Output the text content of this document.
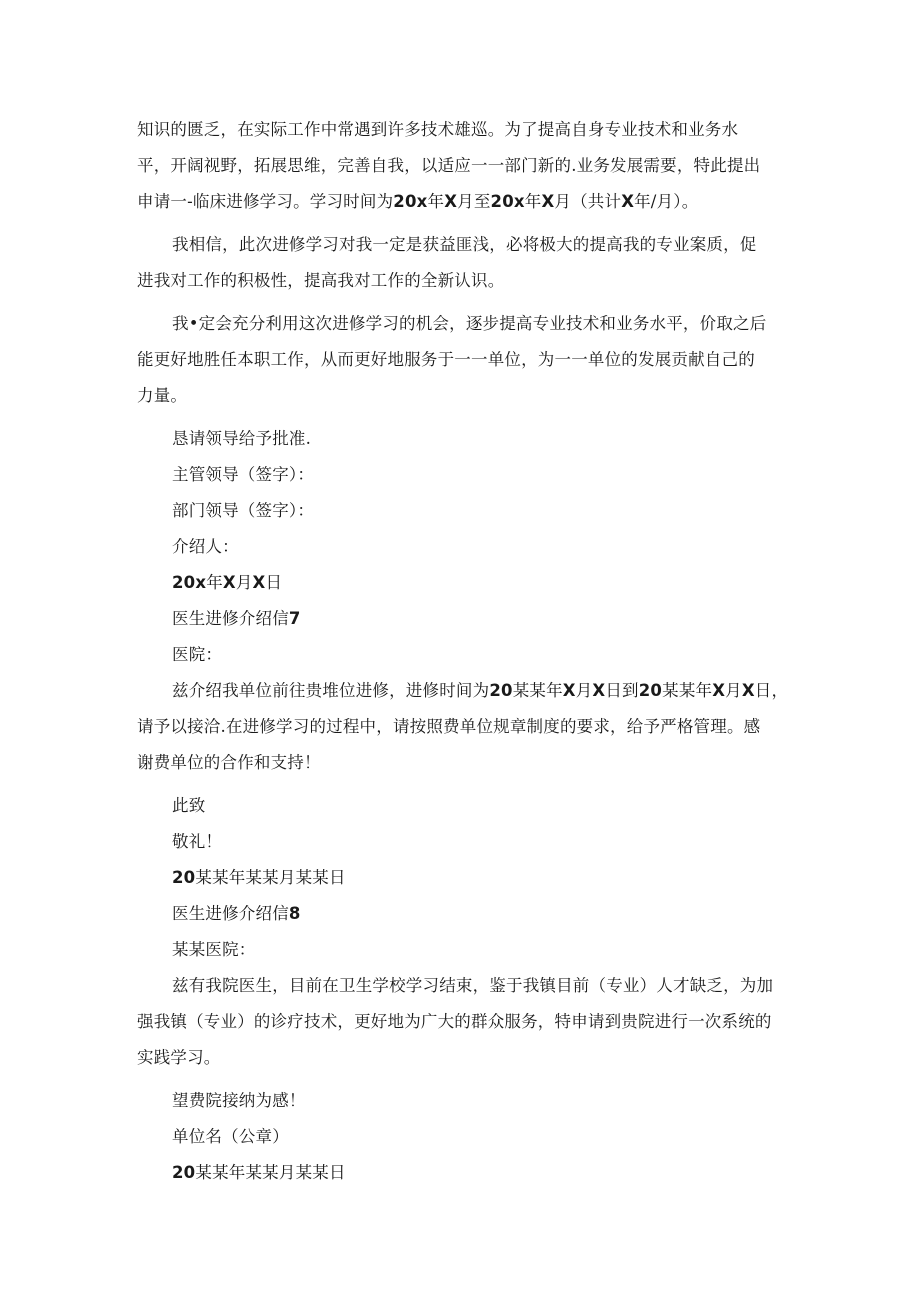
知识的匮乏，在实际工作中常遇到许多技术雄巡。为了提高自身专业技术和业务水
平，开阔视野，拓展思维，完善自我，以适应一一部门新的.业务发展需要，特此提出
申请一-临床进修学习。学习时间为20x年X月至20x年X月（共计X年/月）。
我相信，此次进修学习对我一定是获益匪浅，必将极大的提高我的专业案质，促
进我对工作的积极性，提高我对工作的全新认识。
我•定会充分利用这次进修学习的机会，逐步提高专业技术和业务水平，价取之后
能更好地胜任本职工作，从而更好地服务于一一单位，为一一单位的发展贡献自己的
力量。
恳请领导给予批准.
主管领导（签字）：
部门领导（签字）：
介绍人：
20x年X月X日
医生进修介绍信7
医院：
兹介绍我单位前往贵堆位进修，进修时间为20某某年X月X日到20某某年X月X日，
请予以接洽.在进修学习的过程中，请按照费单位规章制度的要求，给予严格管理。感
谢费单位的合作和支持！
此致
敬礼！
20某某年某某月某某日
医生进修介绍信8
某某医院：
兹有我院医生，目前在卫生学校学习结束，鉴于我镇目前（专业）人才缺乏，为加
强我镇（专业）的诊疗技术，更好地为广大的群众服务，特申请到贵院进行一次系统的
实践学习。
望费院接纳为感！
单位名（公章）
20某某年某某月某某日
